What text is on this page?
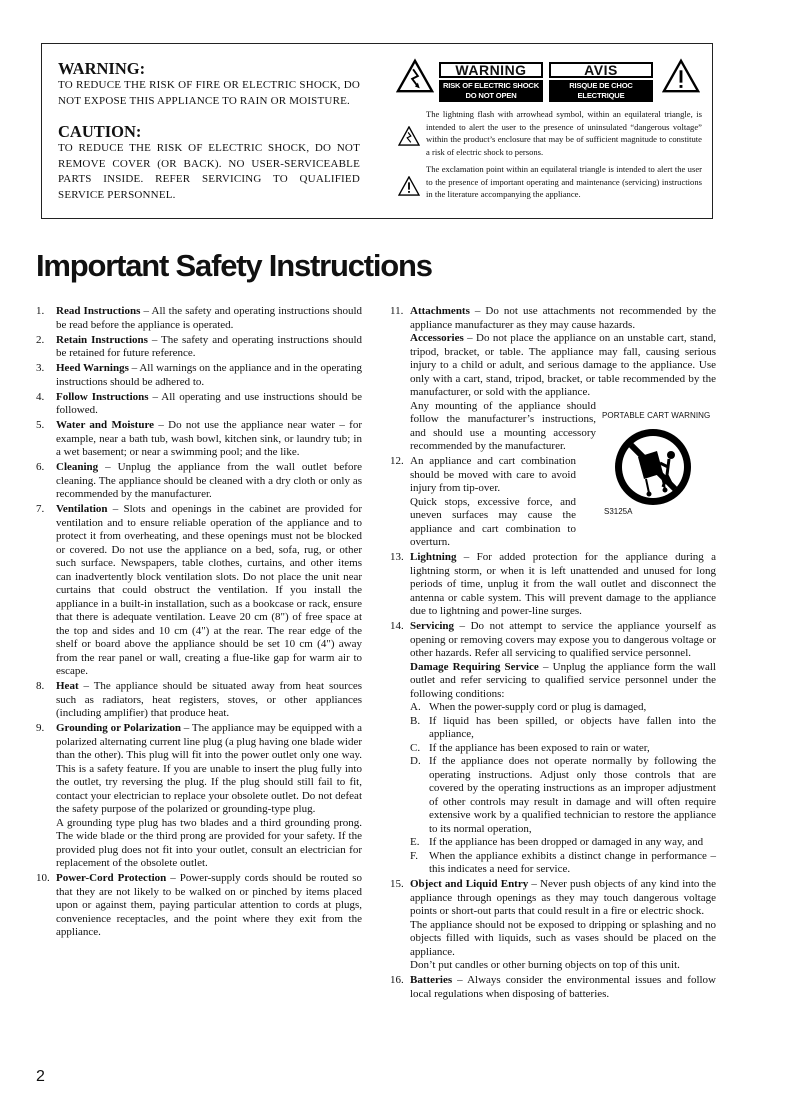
WARNING:

TO REDUCE THE RISK OF FIRE OR ELECTRIC SHOCK, DO NOT EXPOSE THIS APPLIANCE TO RAIN OR MOISTURE.

CAUTION:

TO REDUCE THE RISK OF ELECTRIC SHOCK, DO NOT REMOVE COVER (OR BACK). NO USER-SERVICEABLE PARTS INSIDE. REFER SERVICING TO QUALIFIED SERVICE PERSONNEL.

WARNING
RISK OF ELECTRIC SHOCK
DO NOT OPEN
AVIS
RISQUE DE CHOC ELECTRIQUE
NE PAS OUVRIR

The lightning flash with arrowhead symbol, within an equilateral triangle, is intended to alert the user to the presence of uninsulated “dangerous voltage” within the product’s enclosure that may be of sufficient magnitude to constitute a risk of electric shock to persons.

The exclamation point within an equilateral triangle is intended to alert the user to the presence of important operating and maintenance (servicing) instructions in the literature accompanying the appliance.

Important Safety Instructions
1. Read Instructions – All the safety and operating instructions should be read before the appliance is operated.
2. Retain Instructions – The safety and operating instructions should be retained for future reference.
3. Heed Warnings – All warnings on the appliance and in the operating instructions should be adhered to.
4. Follow Instructions – All operating and use instructions should be followed.
5. Water and Moisture – Do not use the appliance near water – for example, near a bath tub, wash bowl, kitchen sink, or laundry tub; in a wet basement; or near a swimming pool; and the like.
6. Cleaning – Unplug the appliance from the wall outlet before cleaning. The appliance should be cleaned with a dry cloth or only as recommended by the manufacturer.
7. Ventilation – Slots and openings in the cabinet are provided for ventilation and to ensure reliable operation of the appliance and to protect it from overheating, and these openings must not be blocked or covered. Do not use the appliance on a bed, sofa, rug, or other such surface. Newspapers, table clothes, curtains, and other items can inadvertently block ventilation slots. Do not place the unit near curtains that could obstruct the ventilation. If you install the appliance in a built-in installation, such as a bookcase or rack, ensure that there is adequate ventilation. Leave 20 cm (8") of free space at the top and sides and 10 cm (4") at the rear. The rear edge of the shelf or board above the appliance should be set 10 cm (4") away from the rear panel or wall, creating a flue-like gap for warm air to escape.
8. Heat – The appliance should be situated away from heat sources such as radiators, heat registers, stoves, or other appliances (including amplifier) that produce heat.
9. Grounding or Polarization – The appliance may be equipped with a polarized alternating current line plug (a plug having one blade wider than the other). This plug will fit into the power outlet only one way. This is a safety feature. If you are unable to insert the plug fully into the outlet, try reversing the plug. If the plug should still fail to fit, contact your electrician to replace your obsolete outlet. Do not defeat the safety purpose of the polarized or grounding-type plug.

A grounding type plug has two blades and a third grounding prong. The wide blade or the third prong are provided for your safety. If the provided plug does not fit into your outlet, consult an electrician for replacement of the obsolete outlet.

10. Power-Cord Protection – Power-supply cords should be routed so that they are not likely to be walked on or pinched by items placed upon or against them, paying particular attention to cords at plugs, convenience receptacles, and the point where they exit from the appliance.
11. Attachments – Do not use attachments not recommended by the appliance manufacturer as they may cause hazards.

Accessories – Do not place the appliance on an unstable cart, stand, tripod, bracket, or table. The appliance may fall, causing serious injury to a child or adult, and serious damage to the appliance. Use only with a cart, stand, tripod, bracket, or table recommended by the manufacturer, or sold with the appliance.

Any mounting of the appliance should follow the manufacturer’s instructions, and should use a mounting accessory recommended by the manufacturer.

12. An appliance and cart combination should be moved with care to avoid injury from tip-over.

Quick stops, excessive force, and uneven surfaces may cause the appliance and cart combination to overturn.

PORTABLE CART WARNING

S3125A

13. Lightning – For added protection for the appliance during a lightning storm, or when it is left unattended and unused for long periods of time, unplug it from the wall outlet and disconnect the antenna or cable system. This will prevent damage to the appliance due to lightning and power-line surges.
14. Servicing – Do not attempt to service the appliance yourself as opening or removing covers may expose you to dangerous voltage or other hazards. Refer all servicing to qualified service personnel.

Damage Requiring Service – Unplug the appliance form the wall outlet and refer servicing to qualified service personnel under the following conditions:

A. When the power-supply cord or plug is damaged,
B. If liquid has been spilled, or objects have fallen into the appliance,
C. If the appliance has been exposed to rain or water,
D. If the appliance does not operate normally by following the operating instructions. Adjust only those controls that are covered by the operating instructions as an improper adjustment of other controls may result in damage and will often require extensive work by a qualified technician to restore the appliance to its normal operation,
E. If the appliance has been dropped or damaged in any way, and
F. When the appliance exhibits a distinct change in performance – this indicates a need for service.
15. Object and Liquid Entry – Never push objects of any kind into the appliance through openings as they may touch dangerous voltage points or short-out parts that could result in a fire or electric shock.

The appliance should not be exposed to dripping or splashing and no objects filled with liquids, such as vases should be placed on the appliance.

Don’t put candles or other burning objects on top of this unit.

16. Batteries – Always consider the environmental issues and follow local regulations when disposing of batteries.

2
